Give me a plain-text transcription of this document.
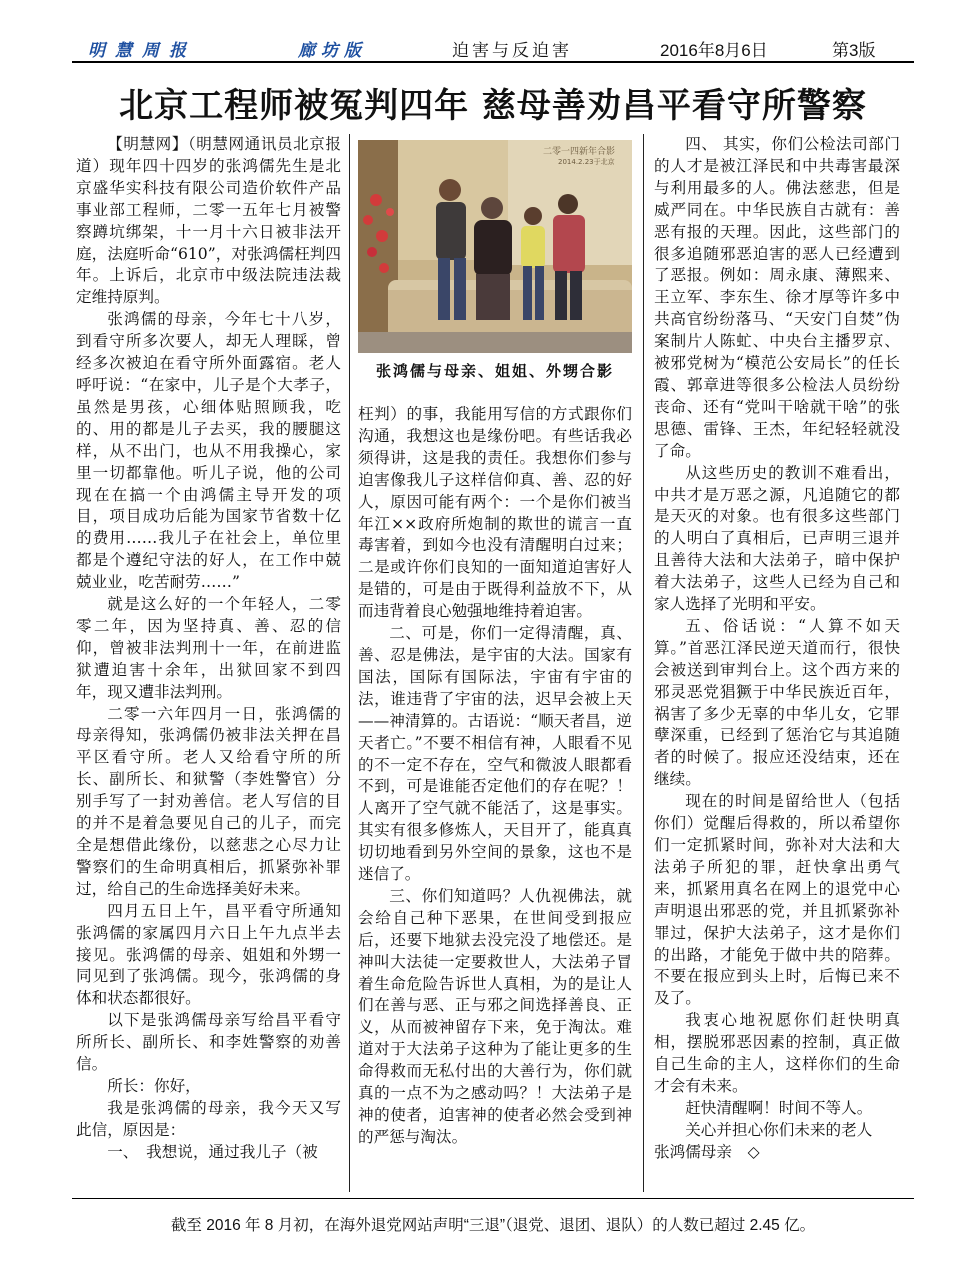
明慧周报	廊坊版	迫害与反迫害	2016年8月6日	第3版
北京工程师被冤判四年 慈母善劝昌平看守所警察

【明慧网】（明慧网通讯员北京报道）现年四十四岁的张鸿儒先生是北京盛华实科技有限公司造价软件产品事业部工程师，二零一五年七月被警察蹲坑绑架，十一月十六日被非法开庭，法庭听命“610”，对张鸿儒枉判四年。上诉后，北京市中级法院违法裁定维持原判。

张鸿儒的母亲，今年七十八岁，到看守所多次要人，却无人理睬，曾经多次被迫在看守所外面露宿。老人呼吁说：“在家中，儿子是个大孝子，虽然是男孩，心细体贴照顾我，吃的、用的都是儿子去买，我的腰腿这样，从不出门，也从不用我操心，家里一切都靠他。听儿子说，他的公司现在在搞一个由鸿儒主导开发的项目，项目成功后能为国家节省数十亿的费用……我儿子在社会上，单位里都是个遵纪守法的好人，在工作中兢兢业业，吃苦耐劳……”

就是这么好的一个年轻人，二零零二年，因为坚持真、善、忍的信仰，曾被非法判刑十一年，在前进监狱遭迫害十余年，出狱回家不到四年，现又遭非法判刑。

二零一六年四月一日，张鸿儒的母亲得知，张鸿儒仍被非法关押在昌平区看守所。老人又给看守所的所长、副所长、和狱警（李姓警官）分别手写了一封劝善信。老人写信的目的并不是着急要见自己的儿子，而完全是想借此缘份，以慈悲之心尽力让警察们的生命明真相后，抓紧弥补罪过，给自己的生命选择美好未来。

四月五日上午，昌平看守所通知张鸿儒的家属四月六日上午九点半去接见。张鸿儒的母亲、姐姐和外甥一同见到了张鸿儒。现今，张鸿儒的身体和状态都很好。

以下是张鸿儒母亲写给昌平看守所所长、副所长、和李姓警察的劝善信。

所长：你好，

我是张鸿儒的母亲，我今天又写此信，原因是：

一、　我想说，通过我儿子（被

二零一四新年合影
2014.2.23于北京
张鸿儒与母亲、姐姐、外甥合影

枉判）的事，我能用写信的方式跟你们沟通，我想这也是缘份吧。有些话我必须得讲，这是我的责任。我想你们参与迫害像我儿子这样信仰真、善、忍的好人，原因可能有两个：一个是你们被当年江××政府所炮制的欺世的谎言一直毒害着，到如今也没有清醒明白过来；二是或许你们良知的一面知道迫害好人是错的，可是由于既得利益放不下，从而违背着良心勉强地维持着迫害。

二、可是，你们一定得清醒，真、善、忍是佛法，是宇宙的大法。国家有国法，国际有国际法，宇宙有宇宙的法，谁违背了宇宙的法，迟早会被上天——神清算的。古语说：“顺天者昌，逆天者亡。”不要不相信有神，人眼看不见的不一定不存在，空气和微波人眼都看不到，可是谁能否定他们的存在呢？！人离开了空气就不能活了，这是事实。其实有很多修炼人，天目开了，能真真切切地看到另外空间的景象，这也不是迷信了。

三、你们知道吗？人仇视佛法，就会给自己种下恶果，在世间受到报应后，还要下地狱去没完没了地偿还。是神叫大法徒一定要救世人，大法弟子冒着生命危险告诉世人真相，为的是让人们在善与恶、正与邪之间选择善良、正义，从而被神留存下来，免于淘汰。难道对于大法弟子这种为了能让更多的生命得救而无私付出的大善行为，你们就真的一点不为之感动吗？！大法弟子是神的使者，迫害神的使者必然会受到神的严惩与淘汰。

四、 其实，你们公检法司部门的人才是被江泽民和中共毒害最深与利用最多的人。佛法慈悲，但是威严同在。中华民族自古就有：善恶有报的天理。因此，这些部门的很多追随邪恶迫害的恶人已经遭到了恶报。例如：周永康、薄熙来、王立军、李东生、徐才厚等许多中共高官纷纷落马、“天安门自焚”伪案制片人陈虻、中央台主播罗京、被邪党树为“模范公安局长”的任长霞、郭章进等很多公检法人员纷纷丧命、还有“党叫干啥就干啥”的张思德、雷锋、王杰，年纪轻轻就没了命。

从这些历史的教训不难看出，中共才是万恶之源，凡追随它的都是天灭的对象。也有很多这些部门的人明白了真相后，已声明三退并且善待大法和大法弟子，暗中保护着大法弟子，这些人已经为自己和家人选择了光明和平安。

五、俗话说：“人算不如天算。”首恶江泽民逆天道而行，很快会被送到审判台上。这个西方来的邪灵恶党猖獗于中华民族近百年，祸害了多少无辜的中华儿女，它罪孽深重，已经到了惩治它与其追随者的时候了。报应还没结束，还在继续。

现在的时间是留给世人（包括你们）觉醒后得救的，所以希望你们一定抓紧时间，弥补对大法和大法弟子所犯的罪，赶快拿出勇气来，抓紧用真名在网上的退党中心声明退出邪恶的党，并且抓紧弥补罪过，保护大法弟子，这才是你们的出路，才能免于做中共的陪葬。不要在报应到头上时，后悔已来不及了。

我衷心地祝愿你们赶快明真相，摆脱邪恶因素的控制，真正做自己生命的主人，这样你们的生命才会有未来。

赶快清醒啊！时间不等人。

关心并担心你们未来的老人

张鸿儒母亲　◇

截至 2016 年 8 月初，在海外退党网站声明“三退”（退党、退团、退队）的人数已超过 2.45 亿。
